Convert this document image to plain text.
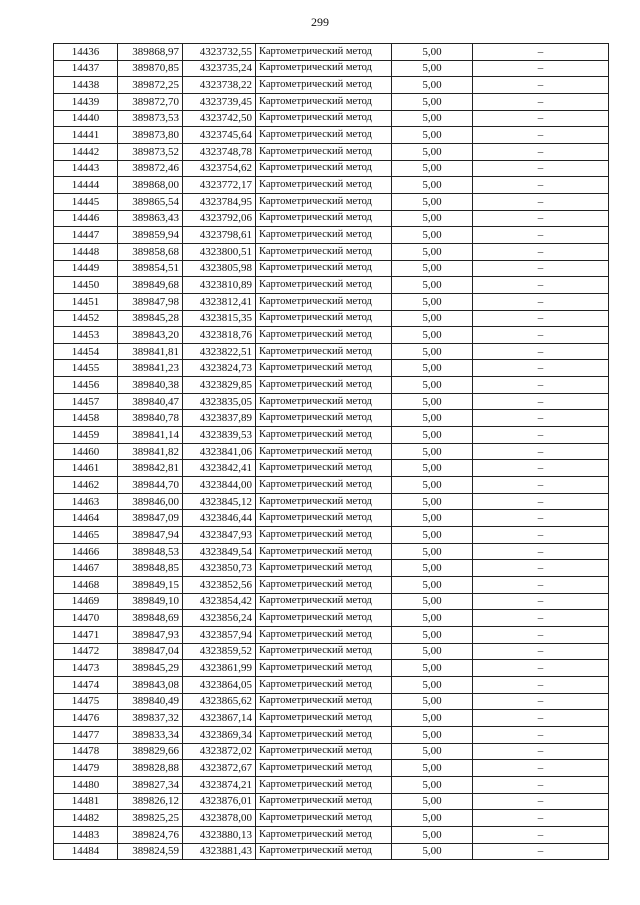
299
14436	389868,97	4323732,55	Картометрический метод	5,00	–
14437	389870,85	4323735,24	Картометрический метод	5,00	–
14438	389872,25	4323738,22	Картометрический метод	5,00	–
14439	389872,70	4323739,45	Картометрический метод	5,00	–
14440	389873,53	4323742,50	Картометрический метод	5,00	–
14441	389873,80	4323745,64	Картометрический метод	5,00	–
14442	389873,52	4323748,78	Картометрический метод	5,00	–
14443	389872,46	4323754,62	Картометрический метод	5,00	–
14444	389868,00	4323772,17	Картометрический метод	5,00	–
14445	389865,54	4323784,95	Картометрический метод	5,00	–
14446	389863,43	4323792,06	Картометрический метод	5,00	–
14447	389859,94	4323798,61	Картометрический метод	5,00	–
14448	389858,68	4323800,51	Картометрический метод	5,00	–
14449	389854,51	4323805,98	Картометрический метод	5,00	–
14450	389849,68	4323810,89	Картометрический метод	5,00	–
14451	389847,98	4323812,41	Картометрический метод	5,00	–
14452	389845,28	4323815,35	Картометрический метод	5,00	–
14453	389843,20	4323818,76	Картометрический метод	5,00	–
14454	389841,81	4323822,51	Картометрический метод	5,00	–
14455	389841,23	4323824,73	Картометрический метод	5,00	–
14456	389840,38	4323829,85	Картометрический метод	5,00	–
14457	389840,47	4323835,05	Картометрический метод	5,00	–
14458	389840,78	4323837,89	Картометрический метод	5,00	–
14459	389841,14	4323839,53	Картометрический метод	5,00	–
14460	389841,82	4323841,06	Картометрический метод	5,00	–
14461	389842,81	4323842,41	Картометрический метод	5,00	–
14462	389844,70	4323844,00	Картометрический метод	5,00	–
14463	389846,00	4323845,12	Картометрический метод	5,00	–
14464	389847,09	4323846,44	Картометрический метод	5,00	–
14465	389847,94	4323847,93	Картометрический метод	5,00	–
14466	389848,53	4323849,54	Картометрический метод	5,00	–
14467	389848,85	4323850,73	Картометрический метод	5,00	–
14468	389849,15	4323852,56	Картометрический метод	5,00	–
14469	389849,10	4323854,42	Картометрический метод	5,00	–
14470	389848,69	4323856,24	Картометрический метод	5,00	–
14471	389847,93	4323857,94	Картометрический метод	5,00	–
14472	389847,04	4323859,52	Картометрический метод	5,00	–
14473	389845,29	4323861,99	Картометрический метод	5,00	–
14474	389843,08	4323864,05	Картометрический метод	5,00	–
14475	389840,49	4323865,62	Картометрический метод	5,00	–
14476	389837,32	4323867,14	Картометрический метод	5,00	–
14477	389833,34	4323869,34	Картометрический метод	5,00	–
14478	389829,66	4323872,02	Картометрический метод	5,00	–
14479	389828,88	4323872,67	Картометрический метод	5,00	–
14480	389827,34	4323874,21	Картометрический метод	5,00	–
14481	389826,12	4323876,01	Картометрический метод	5,00	–
14482	389825,25	4323878,00	Картометрический метод	5,00	–
14483	389824,76	4323880,13	Картометрический метод	5,00	–
14484	389824,59	4323881,43	Картометрический метод	5,00	–
